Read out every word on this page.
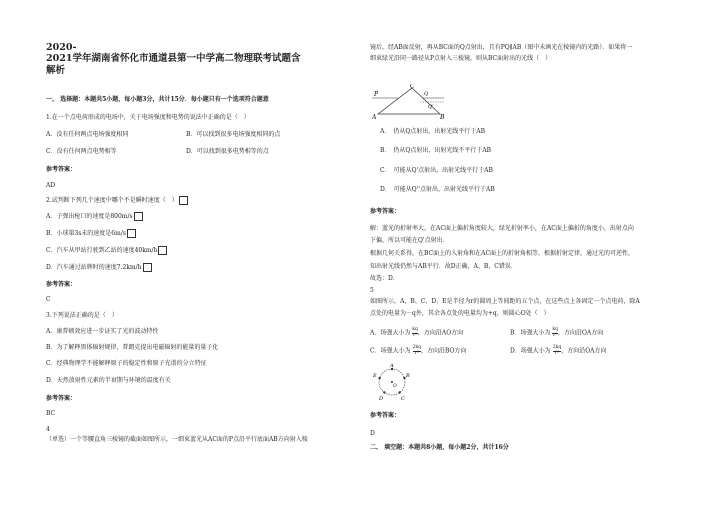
2020-
2021学年湖南省怀化市通道县第一中学高二物理联考试题含
解析
一、 选择题：本题共5小题，每小题3分，共计15分．每小题只有一个选项符合题意
1.在一个点电荷形成的电场中，关于电场强度和电势的说法中正确的是（　）
A．没有任何两点电场强度相同	B．可以找到很多电场强度相同的点
C．没有任何两点电势相等	D．可以找到很多电势相等的点
参考答案：
AD
2.试判断下列几个速度中哪个不是瞬时速度（　）
A．子弹出枪口的速度是800m/s
B．小球第3s末的速度是6m/s
C．汽车从甲站行驶到乙站的速度40km/h
D．汽车通过站牌时的速度7.2km/h
参考答案：
C
3.下列说法正确的是（　）
A．康普顿效应进一步证实了光的波动特性
B．为了解释黑体辐射规律，普朗克提出电磁辐射的能量的量子化
C．经典物理学不能解释原子的稳定性和原子光谱的分立特征
D．天然放射性元素的半衰期与环境的温度有关
参考答案：
BC
4
（单选）一个等腰直角三棱镜的截面如图所示，一细束蓝光从AC面的P点沿平行底面AB方向射入棱
镜后，经AB面反射，再从BC面的Q点射出，且有PQ∥AB（图中未画光在棱镜内的光路）．如果将一
细束绿光沿同一路径从P点射入三棱镜，则从BC面射出的光线（　）
P
A	B
C
Q
Q'
A．　仍从Q点射出，出射光线平行于AB
B．　仍从Q点射出，出射光线不平行于AB
C．　可能从Q'点射出，出射光线平行于AB
D．　可能从Q''点射出，出射光线平行于AB
参考答案：
解：蓝光的折射率大，在AC面上偏折角度较大，绿光折射率小，在AC面上偏折的角度小，出射点向
下偏，所以可能在Q'点射出．
根据几何关系得，在BC面上的入射角和在AC面上的折射角相等，根据折射定律，通过光的可逆性，
知出射光线仍然与AB平行．故D正确，A、B、C错误．
故选：D．
5
如图所示，A、B、C、D、E是半径为r的圆周上等间距的五个点，在这些点上各固定一个点电荷，除A
点处的电量为－q外，其余各点处的电量均为+q，则圆心O处（　）
A．场强大小为 $\frac{kq}{\text{r²}}$ ，方向沿AO方向	B．场强大小为 $\frac{kq}{\text{r²}}$ ，方向沿OA方向
C．场强大小为 $\frac{2kq}{\text{r²}}$ ，方向沿BO方向	D．场强大小为 $\frac{2kq}{\text{r²}}$ ，方向沿OA方向
A
B
C
D
E
O
参考答案：
D
二、 填空题：本题共8小题，每小题2分，共计16分
